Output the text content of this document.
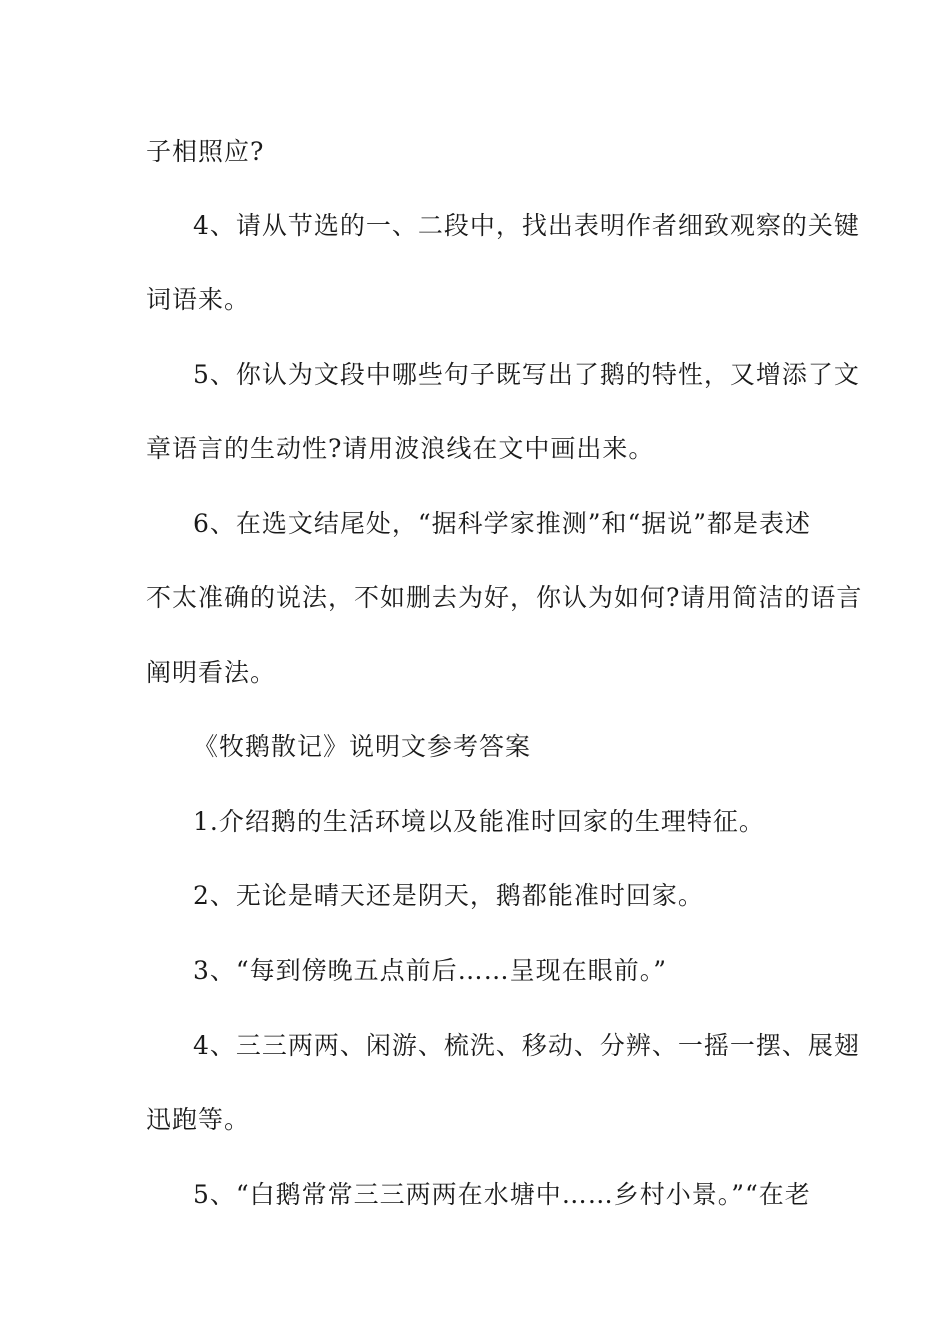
子相照应?

4、请从节选的一、二段中，找出表明作者细致观察的关键

词语来。

5、你认为文段中哪些句子既写出了鹅的特性，又增添了文

章语言的生动性?请用波浪线在文中画出来。

6、在选文结尾处，“据科学家推测”和“据说”都是表述

不太准确的说法，不如删去为好，你认为如何?请用简洁的语言

阐明看法。

《牧鹅散记》说明文参考答案

1.介绍鹅的生活环境以及能准时回家的生理特征。

2、无论是晴天还是阴天，鹅都能准时回家。

3、“每到傍晚五点前后……呈现在眼前。”

4、三三两两、闲游、梳洗、移动、分辨、一摇一摆、展翅

迅跑等。

5、“白鹅常常三三两两在水塘中……乡村小景。”“在老
